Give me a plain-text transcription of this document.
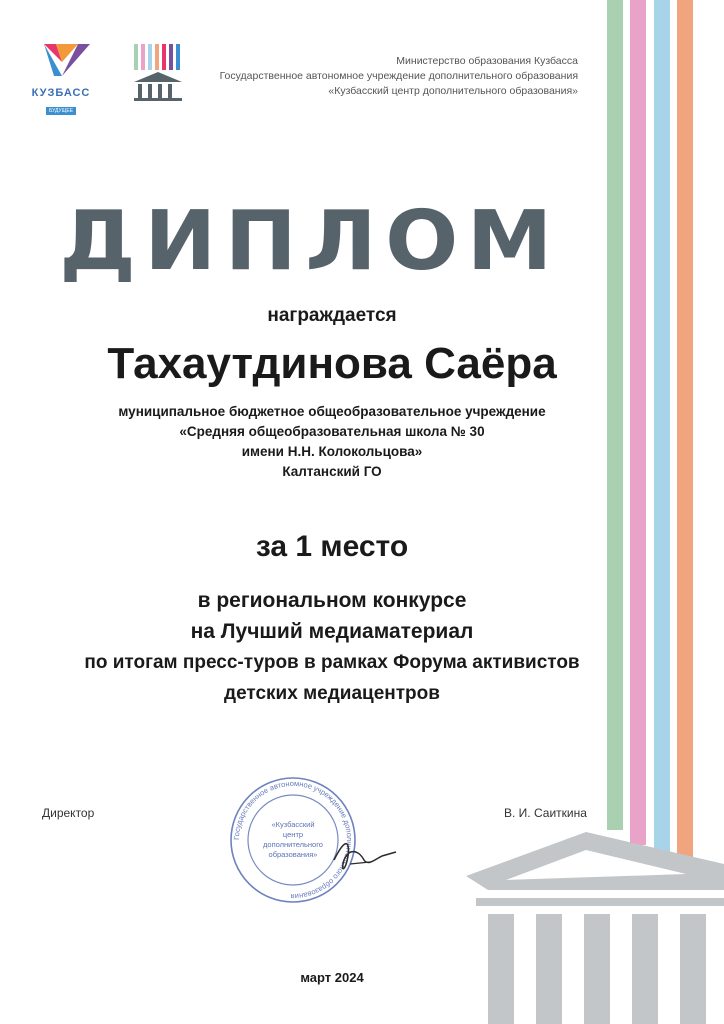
КУЗБАСС
БУДУЩЕЕ
Министерство образования Кузбасса
Государственное автономное учреждение дополнительного образования
«Кузбасский центр дополнительного образования»
ДИПЛОМ
награждается
Тахаутдинова Саёра
муниципальное бюджетное общеобразовательное учреждение
«Средняя общеобразовательная школа № 30
имени Н.Н. Колокольцова»
Калтанский ГО
за 1 место
в региональном конкурсе
на Лучший медиаматериал
по итогам пресс-туров в рамках Форума активистов
детских медиацентров
Государственное автономное учреждение дополнительного образования
«Кузбасский
центр
дополнительного
образования»
Директор	В. И. Саиткина
март 2024
